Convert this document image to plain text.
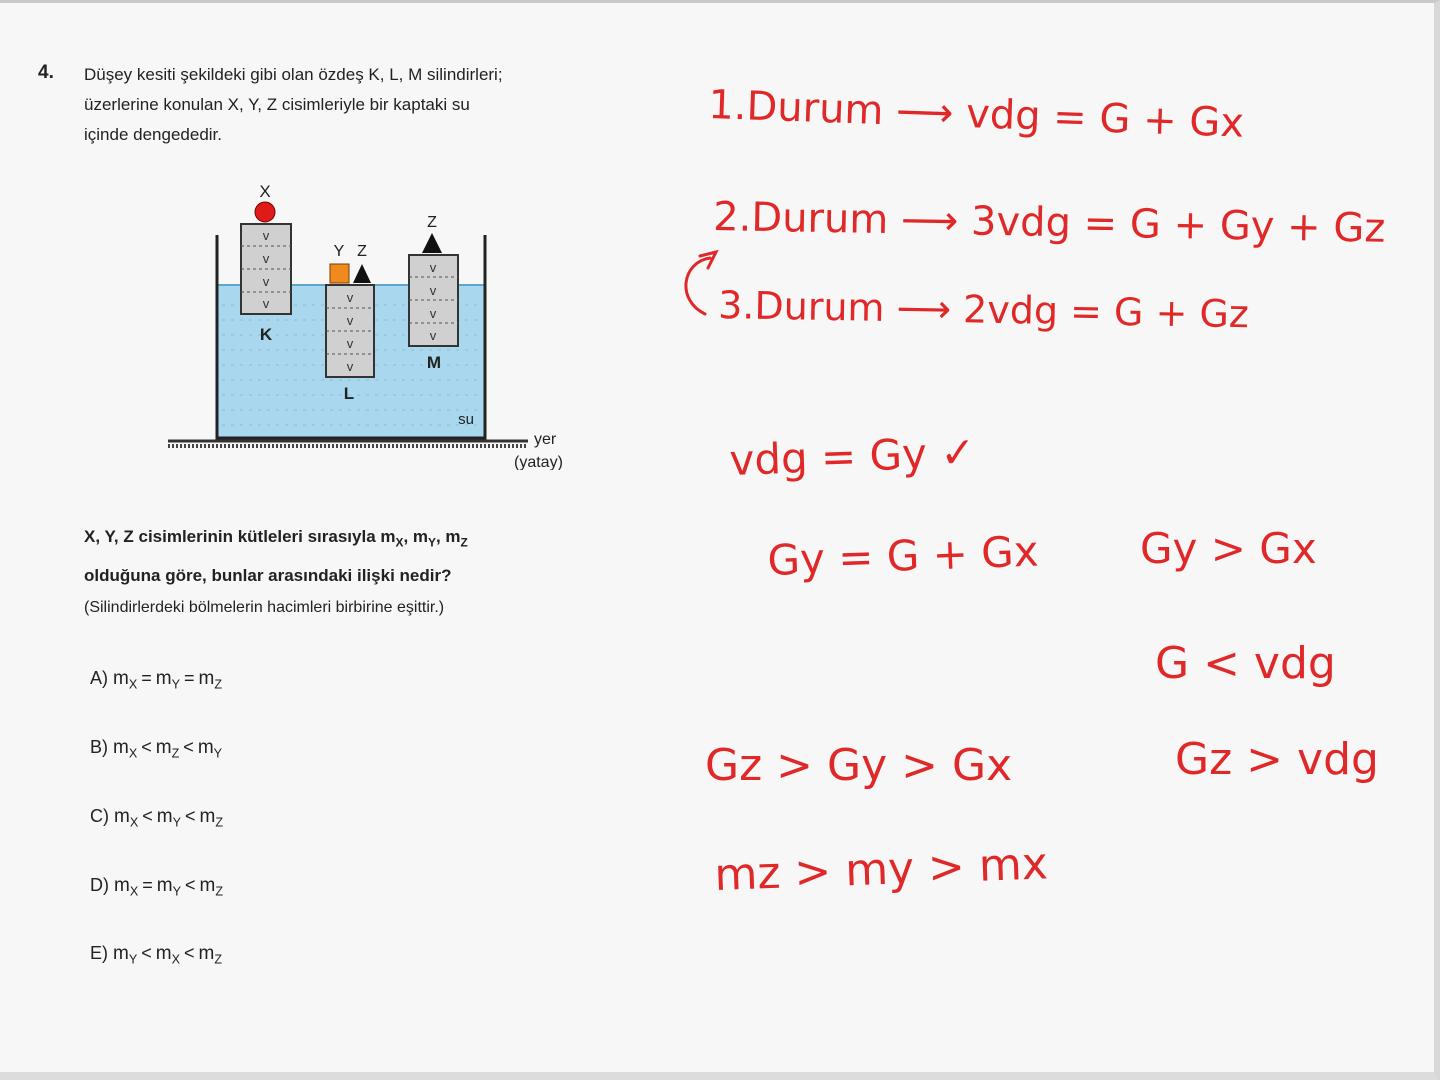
4. Düşey kesiti şekildeki gibi olan özdeş K, L, M silindirleri;
üzerlerine konulan X, Y, Z cisimleriyle bir kaptaki su
içinde dengededir.
v
v
v
v
X
K
v
v
v
v
Y Z
L
v
v
v
v
Z
M
su
yer
(yatay)
X, Y, Z cisimlerinin kütleleri sırasıyla $m_X$, $m_Y$, $m_Z$
olduğuna göre, bunlar arasındaki ilişki nedir?
(Silindirlerdeki bölmelerin hacimleri birbirine eşittir.)
A) $m_X = m_Y = m_Z$
B) $m_X < m_Z < m_Y$
C) $m_X < m_Y < m_Z$
D) $m_X = m_Y < m_Z$
E) $m_Y < m_X < m_Z$
1.Durum ⟶ vdg = G + Gx
2.Durum ⟶ 3vdg = G + Gy + Gz
3.Durum ⟶ 2vdg = G + Gz
vdg = Gy ✓
Gy = G + Gx Gy > Gx
G < vdg
Gz > Gy > Gx	Gz > vdg
mz > my > mx
